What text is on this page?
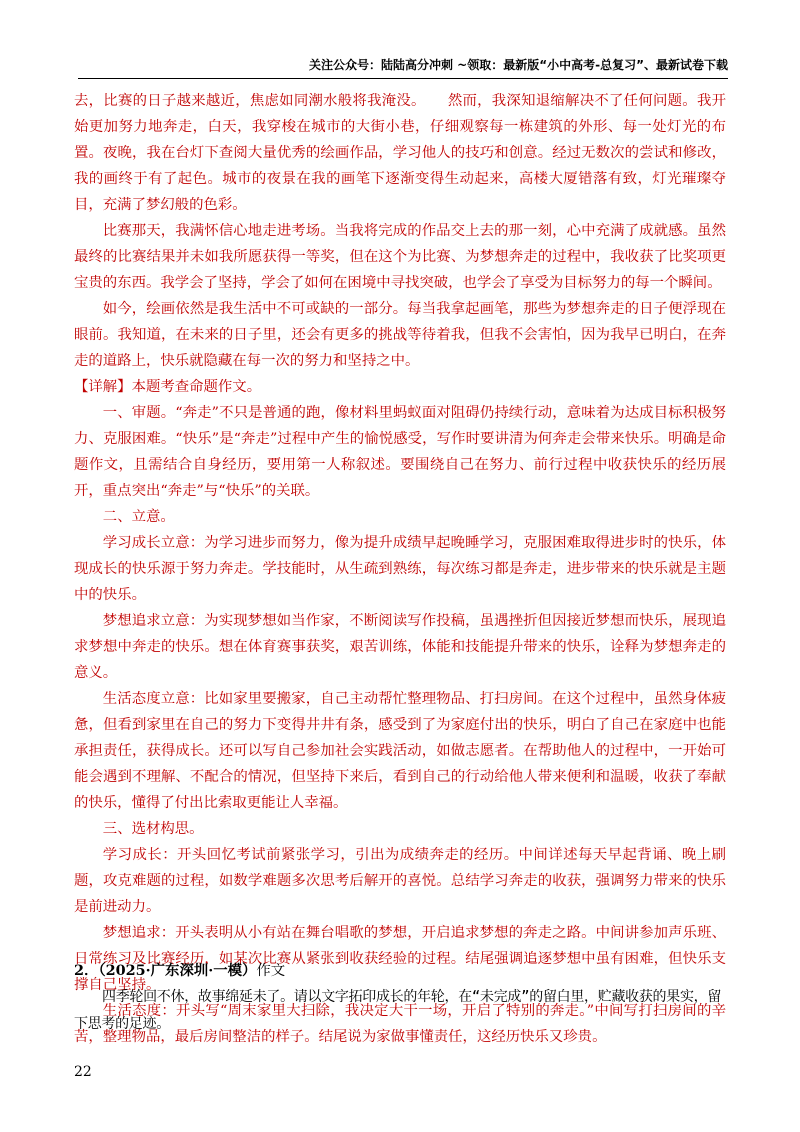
关注公众号：陆陆高分冲刺 ~领取：最新版“小中高考-总复习”、最新试卷下载

去，比赛的日子越来越近，焦虑如同潮水般将我淹没。　　然而，我深知退缩解决不了任何问题。我开始更加努力地奔走，白天，我穿梭在城市的大街小巷，仔细观察每一栋建筑的外形、每一处灯光的布置。夜晚，我在台灯下查阅大量优秀的绘画作品，学习他人的技巧和创意。经过无数次的尝试和修改，我的画终于有了起色。城市的夜景在我的画笔下逐渐变得生动起来，高楼大厦错落有致，灯光璀璨夺目，充满了梦幻般的色彩。

比赛那天，我满怀信心地走进考场。当我将完成的作品交上去的那一刻，心中充满了成就感。虽然最终的比赛结果并未如我所愿获得一等奖，但在这个为比赛、为梦想奔走的过程中，我收获了比奖项更宝贵的东西。我学会了坚持，学会了如何在困境中寻找突破，也学会了享受为目标努力的每一个瞬间。

如今，绘画依然是我生活中不可或缺的一部分。每当我拿起画笔，那些为梦想奔走的日子便浮现在眼前。我知道，在未来的日子里，还会有更多的挑战等待着我，但我不会害怕，因为我早已明白，在奔走的道路上，快乐就隐藏在每一次的努力和坚持之中。

【详解】本题考查命题作文。

一、审题。“奔走”不只是普通的跑，像材料里蚂蚁面对阻碍仍持续行动，意味着为达成目标积极努力、克服困难。“快乐”是“奔走”过程中产生的愉悦感受，写作时要讲清为何奔走会带来快乐。明确是命题作文，且需结合自身经历，要用第一人称叙述。要围绕自己在努力、前行过程中收获快乐的经历展开，重点突出“奔走”与“快乐”的关联。

二、立意。

学习成长立意：为学习进步而努力，像为提升成绩早起晚睡学习，克服困难取得进步时的快乐，体现成长的快乐源于努力奔走。学技能时，从生疏到熟练，每次练习都是奔走，进步带来的快乐就是主题中的快乐。

梦想追求立意：为实现梦想如当作家，不断阅读写作投稿，虽遇挫折但因接近梦想而快乐，展现追求梦想中奔走的快乐。想在体育赛事获奖，艰苦训练，体能和技能提升带来的快乐，诠释为梦想奔走的意义。

生活态度立意：比如家里要搬家，自己主动帮忙整理物品、打扫房间。在这个过程中，虽然身体疲惫，但看到家里在自己的努力下变得井井有条，感受到了为家庭付出的快乐，明白了自己在家庭中也能承担责任，获得成长。还可以写自己参加社会实践活动，如做志愿者。在帮助他人的过程中，一开始可能会遇到不理解、不配合的情况，但坚持下来后，看到自己的行动给他人带来便利和温暖，收获了奉献的快乐，懂得了付出比索取更能让人幸福。

三、选材构思。

学习成长：开头回忆考试前紧张学习，引出为成绩奔走的经历。中间详述每天早起背诵、晚上刷题，攻克难题的过程，如数学难题多次思考后解开的喜悦。总结学习奔走的收获，强调努力带来的快乐是前进动力。

梦想追求：开头表明从小有站在舞台唱歌的梦想，开启追求梦想的奔走之路。中间讲参加声乐班、日常练习及比赛经历，如某次比赛从紧张到收获经验的过程。结尾强调追逐梦想中虽有困难，但快乐支撑自己坚持。

生活态度：开头写“周末家里大扫除，我决定大干一场，开启了特别的奔走。”中间写打扫房间的辛苦，整理物品，最后房间整洁的样子。结尾说为家做事懂责任，这经历快乐又珍贵。

2．（2025·广东深圳·一模）作文

四季轮回不休，故事绵延未了。请以文字拓印成长的年轮，在“未完成”的留白里，贮藏收获的果实，留下思考的足迹。

22
